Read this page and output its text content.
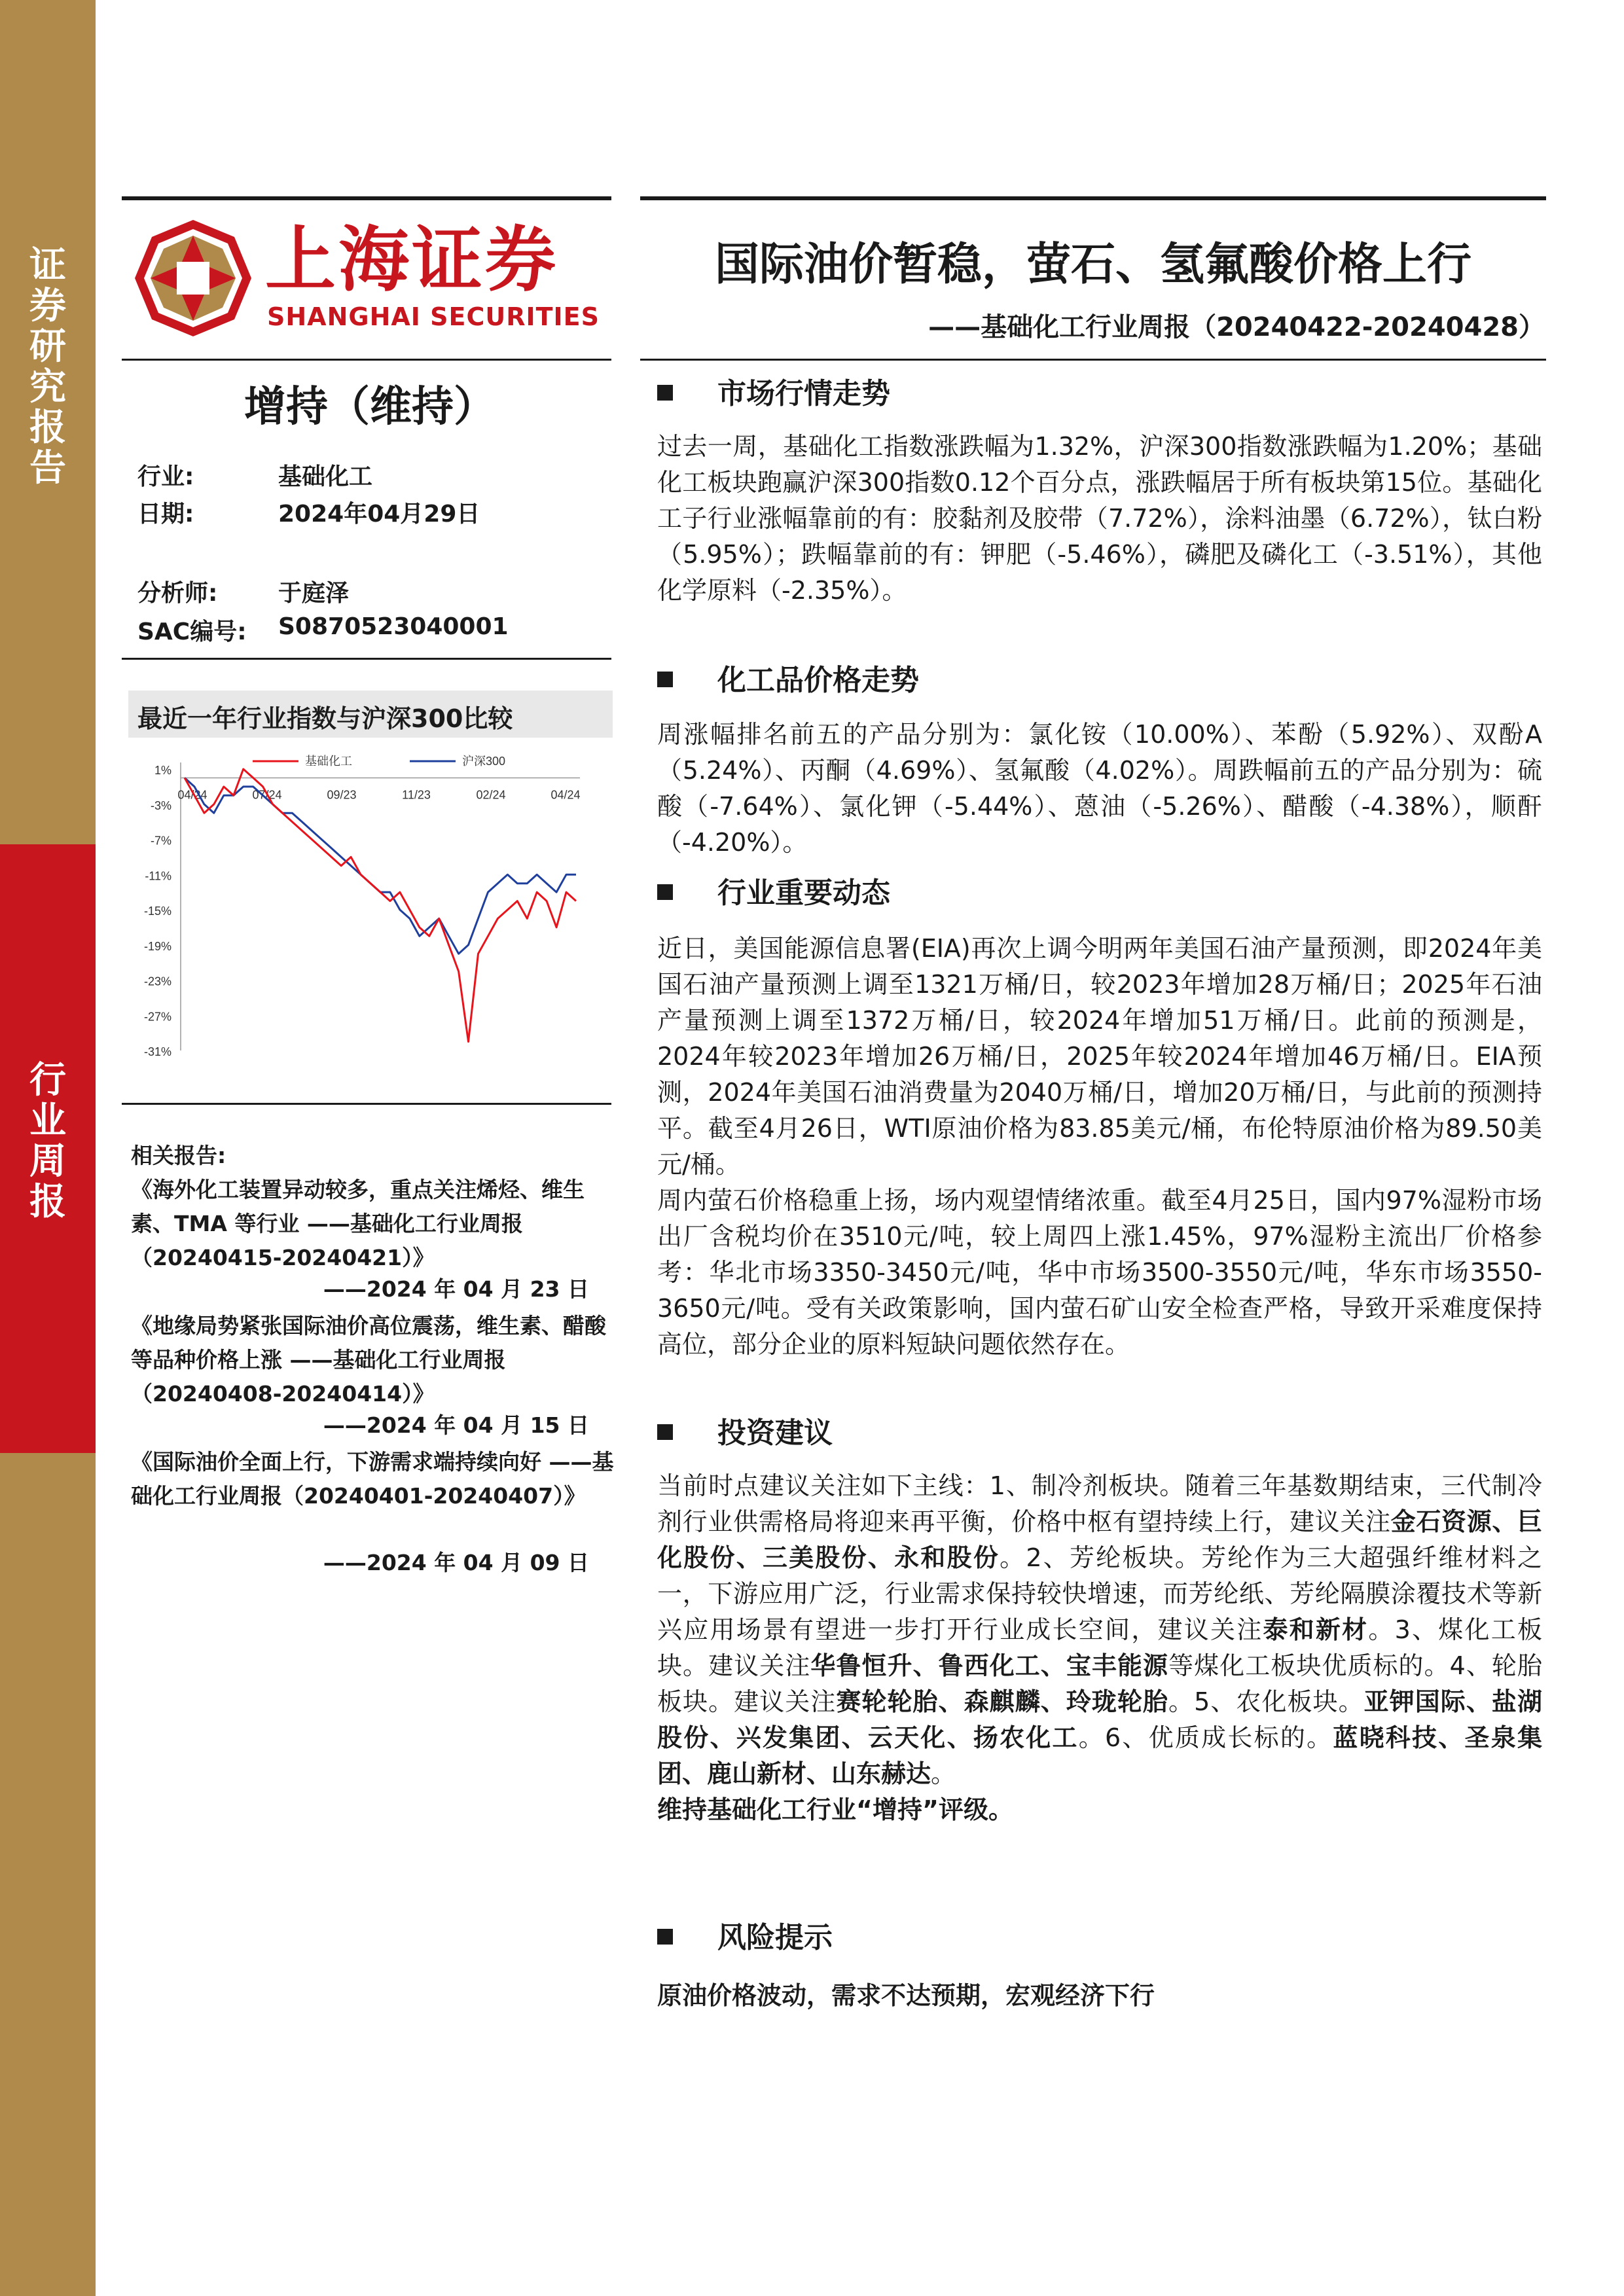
证
券
研
究
报
告
行
业
周
报
上海证券
SHANGHAI SECURITIES
增持（维持）
行业:	基础化工
日期:	2024年04月29日
分析师:	于庭泽
SAC编号: S0870523040001
最近一年行业指数与沪深300比较
1%
-3%
-7%
-11%
-15%
-19%
-23%
-27%
-31%
04/24	07/24	09/23	11/23	02/24	04/24
基础化工	沪深300
相关报告:
《海外化工装置异动较多，重点关注烯烃、维生素、TMA 等行业 ——基础化工行业周报（20240415-20240421）》
——2024 年 04 月 23 日
《地缘局势紧张国际油价高位震荡，维生素、醋酸等品种价格上涨 ——基础化工行业周报（20240408-20240414）》
——2024 年 04 月 15 日
《国际油价全面上行，下游需求端持续向好 ——基础化工行业周报（20240401-20240407）》
——2024 年 04 月 09 日
国际油价暂稳，萤石、氢氟酸价格上行
——基础化工行业周报（20240422-20240428）
市场行情走势
过去一周，基础化工指数涨跌幅为1.32%，沪深300指数涨跌幅为1.20%；基础化工板块跑赢沪深300指数0.12个百分点，涨跌幅居于所有板块第15位。基础化工子行业涨幅靠前的有：胶黏剂及胶带（7.72%），涂料油墨（6.72%），钛白粉（5.95%）；跌幅靠前的有：钾肥（-5.46%），磷肥及磷化工（-3.51%），其他化学原料（-2.35%）。
化工品价格走势
周涨幅排名前五的产品分别为：氯化铵（10.00%）、苯酚（5.92%）、双酚A（5.24%）、丙酮（4.69%）、氢氟酸（4.02%）。周跌幅前五的产品分别为：硫酸（-7.64%）、氯化钾（-5.44%）、蒽油（-5.26%）、醋酸（-4.38%），顺酐（-4.20%）。
行业重要动态
近日，美国能源信息署(EIA)再次上调今明两年美国石油产量预测，即2024年美国石油产量预测上调至1321万桶/日，较2023年增加28万桶/日；2025年石油产量预测上调至1372万桶/日，较2024年增加51万桶/日。此前的预测是，2024年较2023年增加26万桶/日，2025年较2024年增加46万桶/日。EIA预测，2024年美国石油消费量为2040万桶/日，增加20万桶/日，与此前的预测持平。截至4月26日，WTI原油价格为83.85美元/桶，布伦特原油价格为89.50美元/桶。
周内萤石价格稳重上扬，场内观望情绪浓重。截至4月25日，国内97%湿粉市场出厂含税均价在3510元/吨，较上周四上涨1.45%，97%湿粉主流出厂价格参考：华北市场3350-3450元/吨，华中市场3500-3550元/吨，华东市场3550-3650元/吨。受有关政策影响，国内萤石矿山安全检查严格，导致开采难度保持高位，部分企业的原料短缺问题依然存在。
投资建议
当前时点建议关注如下主线：1、制冷剂板块。随着三年基数期结束，三代制冷剂行业供需格局将迎来再平衡，价格中枢有望持续上行，建议关注金石资源、巨化股份、三美股份、永和股份。2、芳纶板块。芳纶作为三大超强纤维材料之一，下游应用广泛，行业需求保持较快增速，而芳纶纸、芳纶隔膜涂覆技术等新兴应用场景有望进一步打开行业成长空间，建议关注泰和新材。3、煤化工板块。建议关注华鲁恒升、鲁西化工、宝丰能源等煤化工板块优质标的。4、轮胎板块。建议关注赛轮轮胎、森麒麟、玲珑轮胎。5、农化板块。亚钾国际、盐湖股份、兴发集团、云天化、扬农化工。6、优质成长标的。蓝晓科技、圣泉集团、鹿山新材、山东赫达。
维持基础化工行业“增持”评级。
风险提示
原油价格波动，需求不达预期，宏观经济下行
